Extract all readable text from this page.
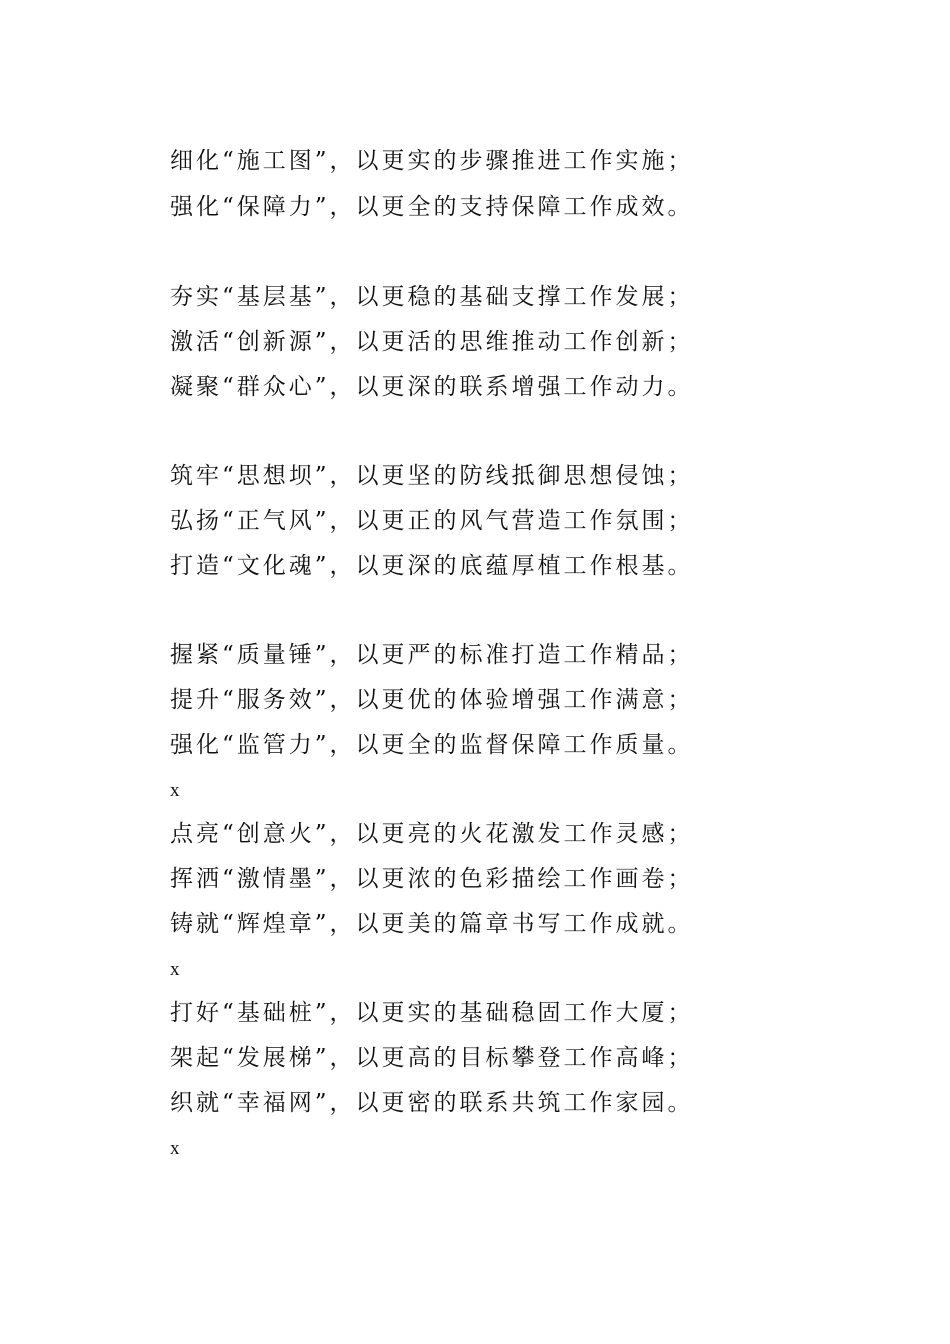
细化“施工图”，以更实的步骤推进工作实施；
强化“保障力”，以更全的支持保障工作成效。
夯实“基层基”，以更稳的基础支撑工作发展；
激活“创新源”，以更活的思维推动工作创新；
凝聚“群众心”，以更深的联系增强工作动力。
筑牢“思想坝”，以更坚的防线抵御思想侵蚀；
弘扬“正气风”，以更正的风气营造工作氛围；
打造“文化魂”，以更深的底蕴厚植工作根基。
握紧“质量锤”，以更严的标准打造工作精品；
提升“服务效”，以更优的体验增强工作满意；
强化“监管力”，以更全的监督保障工作质量。
x
点亮“创意火”，以更亮的火花激发工作灵感；
挥洒“激情墨”，以更浓的色彩描绘工作画卷；
铸就“辉煌章”，以更美的篇章书写工作成就。
x
打好“基础桩”，以更实的基础稳固工作大厦；
架起“发展梯”，以更高的目标攀登工作高峰；
织就“幸福网”，以更密的联系共筑工作家园。
x
